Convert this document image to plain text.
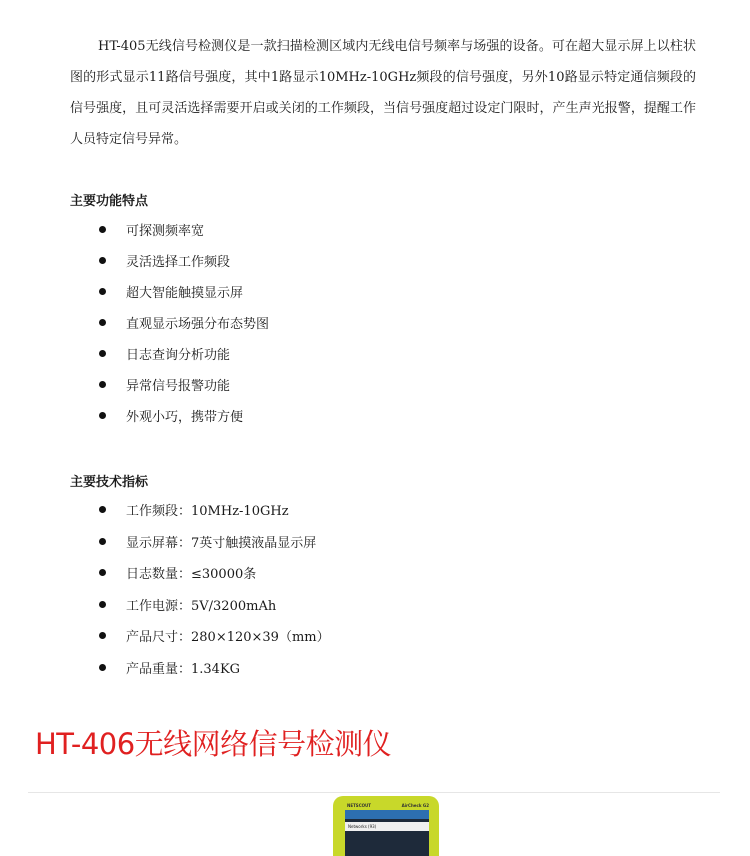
HT-405无线信号检测仪是一款扫描检测区域内无线电信号频率与场强的设备。可在超大显示屏上以柱状图的形式显示11路信号强度，其中1路显示10MHz-10GHz频段的信号强度，另外10路显示特定通信频段的信号强度，且可灵活选择需要开启或关闭的工作频段，当信号强度超过设定门限时，产生声光报警，提醒工作人员特定信号异常。

主要功能特点
可探测频率宽
灵活选择工作频段
超大智能触摸显示屏
直观显示场强分布态势图
日志查询分析功能
异常信号报警功能
外观小巧，携带方便
主要技术指标
工作频段：10MHz-10GHz
显示屏幕：7英寸触摸液晶显示屏
日志数量：≤30000条
工作电源：5V/3200mAh
产品尺寸：280×120×39（mm）
产品重量：1.34KG
HT-406无线网络信号检测仪
NETSCOUT	AirCheck G2
Networks (93)
